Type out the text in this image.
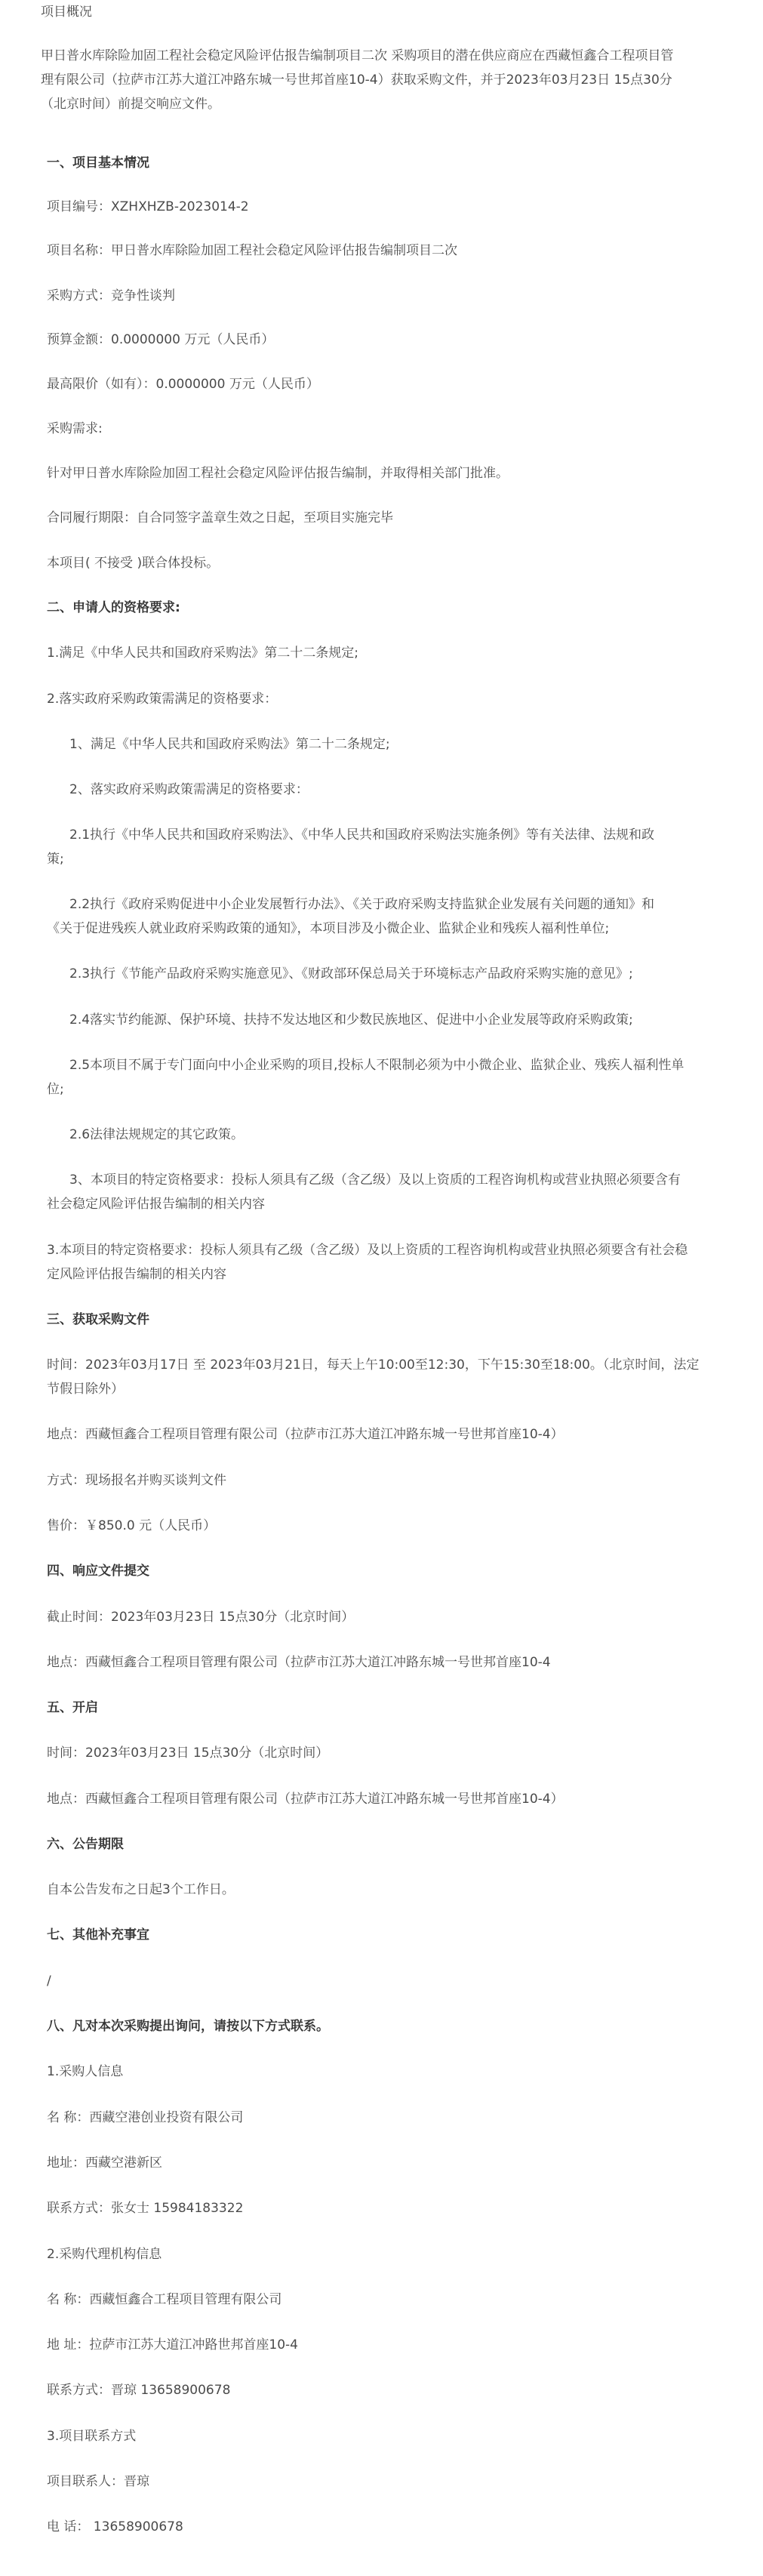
项目概况
甲日普水库除险加固工程社会稳定风险评估报告编制项目二次 采购项目的潜在供应商应在西藏恒鑫合工程项目管
理有限公司（拉萨市江苏大道江冲路东城一号世邦首座10-4）获取采购文件，并于2023年03月23日 15点30分
（北京时间）前提交响应文件。
一、项目基本情况
项目编号：XZHXHZB-2023014-2
项目名称：甲日普水库除险加固工程社会稳定风险评估报告编制项目二次
采购方式：竞争性谈判
预算金额：0.0000000 万元（人民币）
最高限价（如有）：0.0000000 万元（人民币）
采购需求:
针对甲日普水库除险加固工程社会稳定风险评估报告编制，并取得相关部门批准。
合同履行期限：自合同签字盖章生效之日起，至项目实施完毕
本项目( 不接受 )联合体投标。
二、申请人的资格要求:
1.满足《中华人民共和国政府采购法》第二十二条规定;
2.落实政府采购政策需满足的资格要求：
1、满足《中华人民共和国政府采购法》第二十二条规定;
2、落实政府采购政策需满足的资格要求：
2.1执行《中华人民共和国政府采购法》、《中华人民共和国政府采购法实施条例》等有关法律、法规和政
策;
2.2执行《政府采购促进中小企业发展暂行办法》、《关于政府采购支持监狱企业发展有关问题的通知》和
《关于促进残疾人就业政府采购政策的通知》，本项目涉及小微企业、监狱企业和残疾人福利性单位;
2.3执行《节能产品政府采购实施意见》、《财政部环保总局关于环境标志产品政府采购实施的意见》;
2.4落实节约能源、保护环境、扶持不发达地区和少数民族地区、促进中小企业发展等政府采购政策;
2.5本项目不属于专门面向中小企业采购的项目,投标人不限制必须为中小微企业、监狱企业、残疾人福利性单
位;
2.6法律法规规定的其它政策。
3、本项目的特定资格要求：投标人须具有乙级（含乙级）及以上资质的工程咨询机构或营业执照必须要含有
社会稳定风险评估报告编制的相关内容
3.本项目的特定资格要求：投标人须具有乙级（含乙级）及以上资质的工程咨询机构或营业执照必须要含有社会稳
定风险评估报告编制的相关内容
三、获取采购文件
时间：2023年03月17日 至 2023年03月21日，每天上午10:00至12:30，下午15:30至18:00。（北京时间，法定
节假日除外）
地点：西藏恒鑫合工程项目管理有限公司（拉萨市江苏大道江冲路东城一号世邦首座10-4）
方式：现场报名并购买谈判文件
售价：￥850.0 元（人民币）
四、响应文件提交
截止时间：2023年03月23日 15点30分（北京时间）
地点：西藏恒鑫合工程项目管理有限公司（拉萨市江苏大道江冲路东城一号世邦首座10-4
五、开启
时间：2023年03月23日 15点30分（北京时间）
地点：西藏恒鑫合工程项目管理有限公司（拉萨市江苏大道江冲路东城一号世邦首座10-4）
六、公告期限
自本公告发布之日起3个工作日。
七、其他补充事宜
/
八、凡对本次采购提出询问，请按以下方式联系。
1.采购人信息
名 称：西藏空港创业投资有限公司
地址：西藏空港新区
联系方式：张女士 15984183322
2.采购代理机构信息
名 称：西藏恒鑫合工程项目管理有限公司
地 址：拉萨市江苏大道江冲路世邦首座10-4
联系方式：晋琼 13658900678
3.项目联系方式
项目联系人：晋琼
电 话： 13658900678
